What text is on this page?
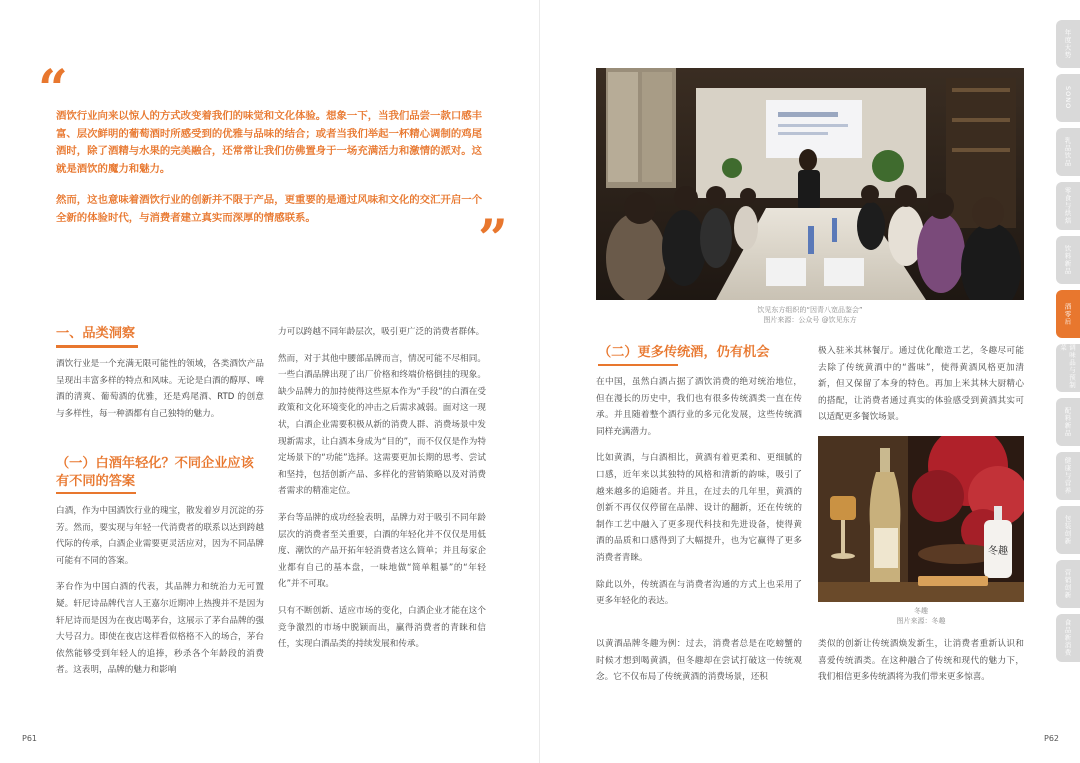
“

酒饮行业向来以惊人的方式改变着我们的味觉和文化体验。想象一下，当我们品尝一款口感丰富、层次鲜明的葡萄酒时所感受到的优雅与品味的结合；或者当我们举起一杯精心调制的鸡尾酒时，除了酒精与水果的完美融合，还常常让我们仿佛置身于一场充满活力和激情的派对。这就是酒饮的魔力和魅力。

然而，这也意味着酒饮行业的创新并不限于产品，更重要的是通过风味和文化的交汇开启一个全新的体验时代，与消费者建立真实而深厚的情感联系。	”
一、品类洞察

酒饮行业是一个充满无限可能性的领域，各类酒饮产品呈现出丰富多样的特点和风味。无论是白酒的醇厚、啤酒的清爽、葡萄酒的优雅，还是鸡尾酒、RTD 的创意与多样性，每一种酒都有自己独特的魅力。

（一）白酒年轻化？不同企业应该有不同的答案

白酒，作为中国酒饮行业的瑰宝，散发着岁月沉淀的芬芳。然而，要实现与年轻一代消费者的联系以达到跨越代际的传承，白酒企业需要更灵活应对，因为不同品牌可能有不同的答案。

茅台作为中国白酒的代表，其品牌力和统治力无可置疑。轩尼诗品牌代言人王嘉尔近期冲上热搜并不是因为轩尼诗而是因为在夜店喝茅台，这展示了茅台品牌的强大号召力。即使在夜店这样看似格格不入的场合，茅台依然能够受到年轻人的追捧，秒杀各个年龄段的消费者。这表明，品牌的魅力和影响

力可以跨越不同年龄层次，吸引更广泛的消费者群体。

然而，对于其他中腰部品牌而言，情况可能不尽相同。一些白酒品牌出现了出厂价格和终端价格倒挂的现象。缺少品牌力的加持使得这些原本作为“手段”的白酒在受政策和文化环境变化的冲击之后需求减弱。面对这一现状，白酒企业需要积极从新的消费人群、消费场景中发现新需求，让白酒本身成为“目的”，而不仅仅是作为特定场景下的“功能”选择。这需要更加长期的思考、尝试和坚持，包括创新产品、多样化的营销策略以及对消费者需求的精准定位。

茅台等品牌的成功经验表明，品牌力对于吸引不同年龄层次的消费者至关重要，白酒的年轻化并不仅仅是用低度、潮饮的产品开拓年轻消费者这么简单；并且每家企业都有自己的基本盘，一味地做“简单粗暴”的“年轻化”并不可取。

只有不断创新、适应市场的变化，白酒企业才能在这个竞争激烈的市场中脱颖而出，赢得消费者的青睐和信任，实现白酒品类的持续发展和传承。

P61
饮见东方组织的“因青八宽品鉴会”
图片来源：公众号 @饮见东方
（二）更多传统酒，仍有机会

在中国，虽然白酒占据了酒饮消费的绝对统治地位，但在漫长的历史中，我们也有很多传统酒类一直在传承。并且随着整个酒行业的多元化发展，这些传统酒同样充满潜力。

比如黄酒，与白酒相比，黄酒有着更柔和、更细腻的口感，近年来以其独特的风格和清新的韵味，吸引了越来越多的追随者。并且，在过去的几年里，黄酒的创新不再仅仅停留在品牌、设计的翻新，还在传统的制作工艺中融入了更多现代科技和先进设备，使得黄酒的品质和口感得到了大幅提升，也为它赢得了更多消费者青睐。

除此以外，传统酒在与消费者沟通的方式上也采用了更多年轻化的表达。

极入驻米其林餐厅。通过优化酿造工艺，冬趣尽可能去除了传统黄酒中的“酱味”，使得黄酒风格更加清新，但又保留了本身的特色。再加上米其林大厨精心的搭配，让消费者通过真实的体验感受到黄酒其实可以适配更多餐饮场景。

冬趣
冬趣
图片来源：冬趣

以黄酒品牌冬趣为例：过去，消费者总是在吃螃蟹的时候才想到喝黄酒，但冬趣却在尝试打破这一传统观念。它不仅布局了传统黄酒的消费场景，还积

类似的创新让传统酒焕发新生，让消费者重新认识和喜爱传统酒类。在这种融合了传统和现代的魅力下，我们相信更多传统酒将为我们带来更多惊喜。

P62
年度大势
SONO
乳品饮品
零食与烘焙
饮料新品
酒零后
调味品与预制菜
配料新品
健康与营养
包装创新
营销创新
食品新消费
